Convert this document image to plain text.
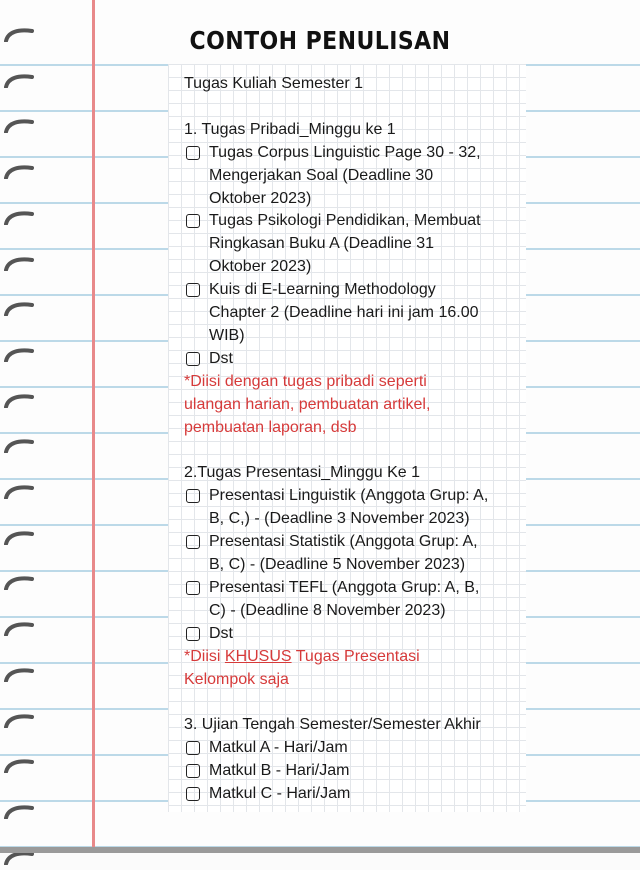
CONTOH PENULISAN
Tugas Kuliah Semester 1
1. Tugas Pribadi_Minggu ke 1
Tugas Corpus Linguistic Page 30 - 32,
Mengerjakan Soal (Deadline 30
Oktober 2023)
Tugas Psikologi Pendidikan, Membuat
Ringkasan Buku A (Deadline 31
Oktober 2023)
Kuis di E-Learning Methodology
Chapter 2 (Deadline hari ini jam 16.00
WIB)
Dst
*Diisi dengan tugas pribadi seperti
ulangan harian, pembuatan artikel,
pembuatan laporan, dsb
2.Tugas Presentasi_Minggu Ke 1
Presentasi Linguistik (Anggota Grup: A,
B, C,) - (Deadline 3 November 2023)
Presentasi Statistik (Anggota Grup: A,
B, C) - (Deadline 5 November 2023)
Presentasi TEFL (Anggota Grup: A, B,
C) - (Deadline 8 November 2023)
Dst
*Diisi KHUSUS Tugas Presentasi
Kelompok saja
3. Ujian Tengah Semester/Semester Akhir
Matkul A - Hari/Jam
Matkul B - Hari/Jam
Matkul C - Hari/Jam
